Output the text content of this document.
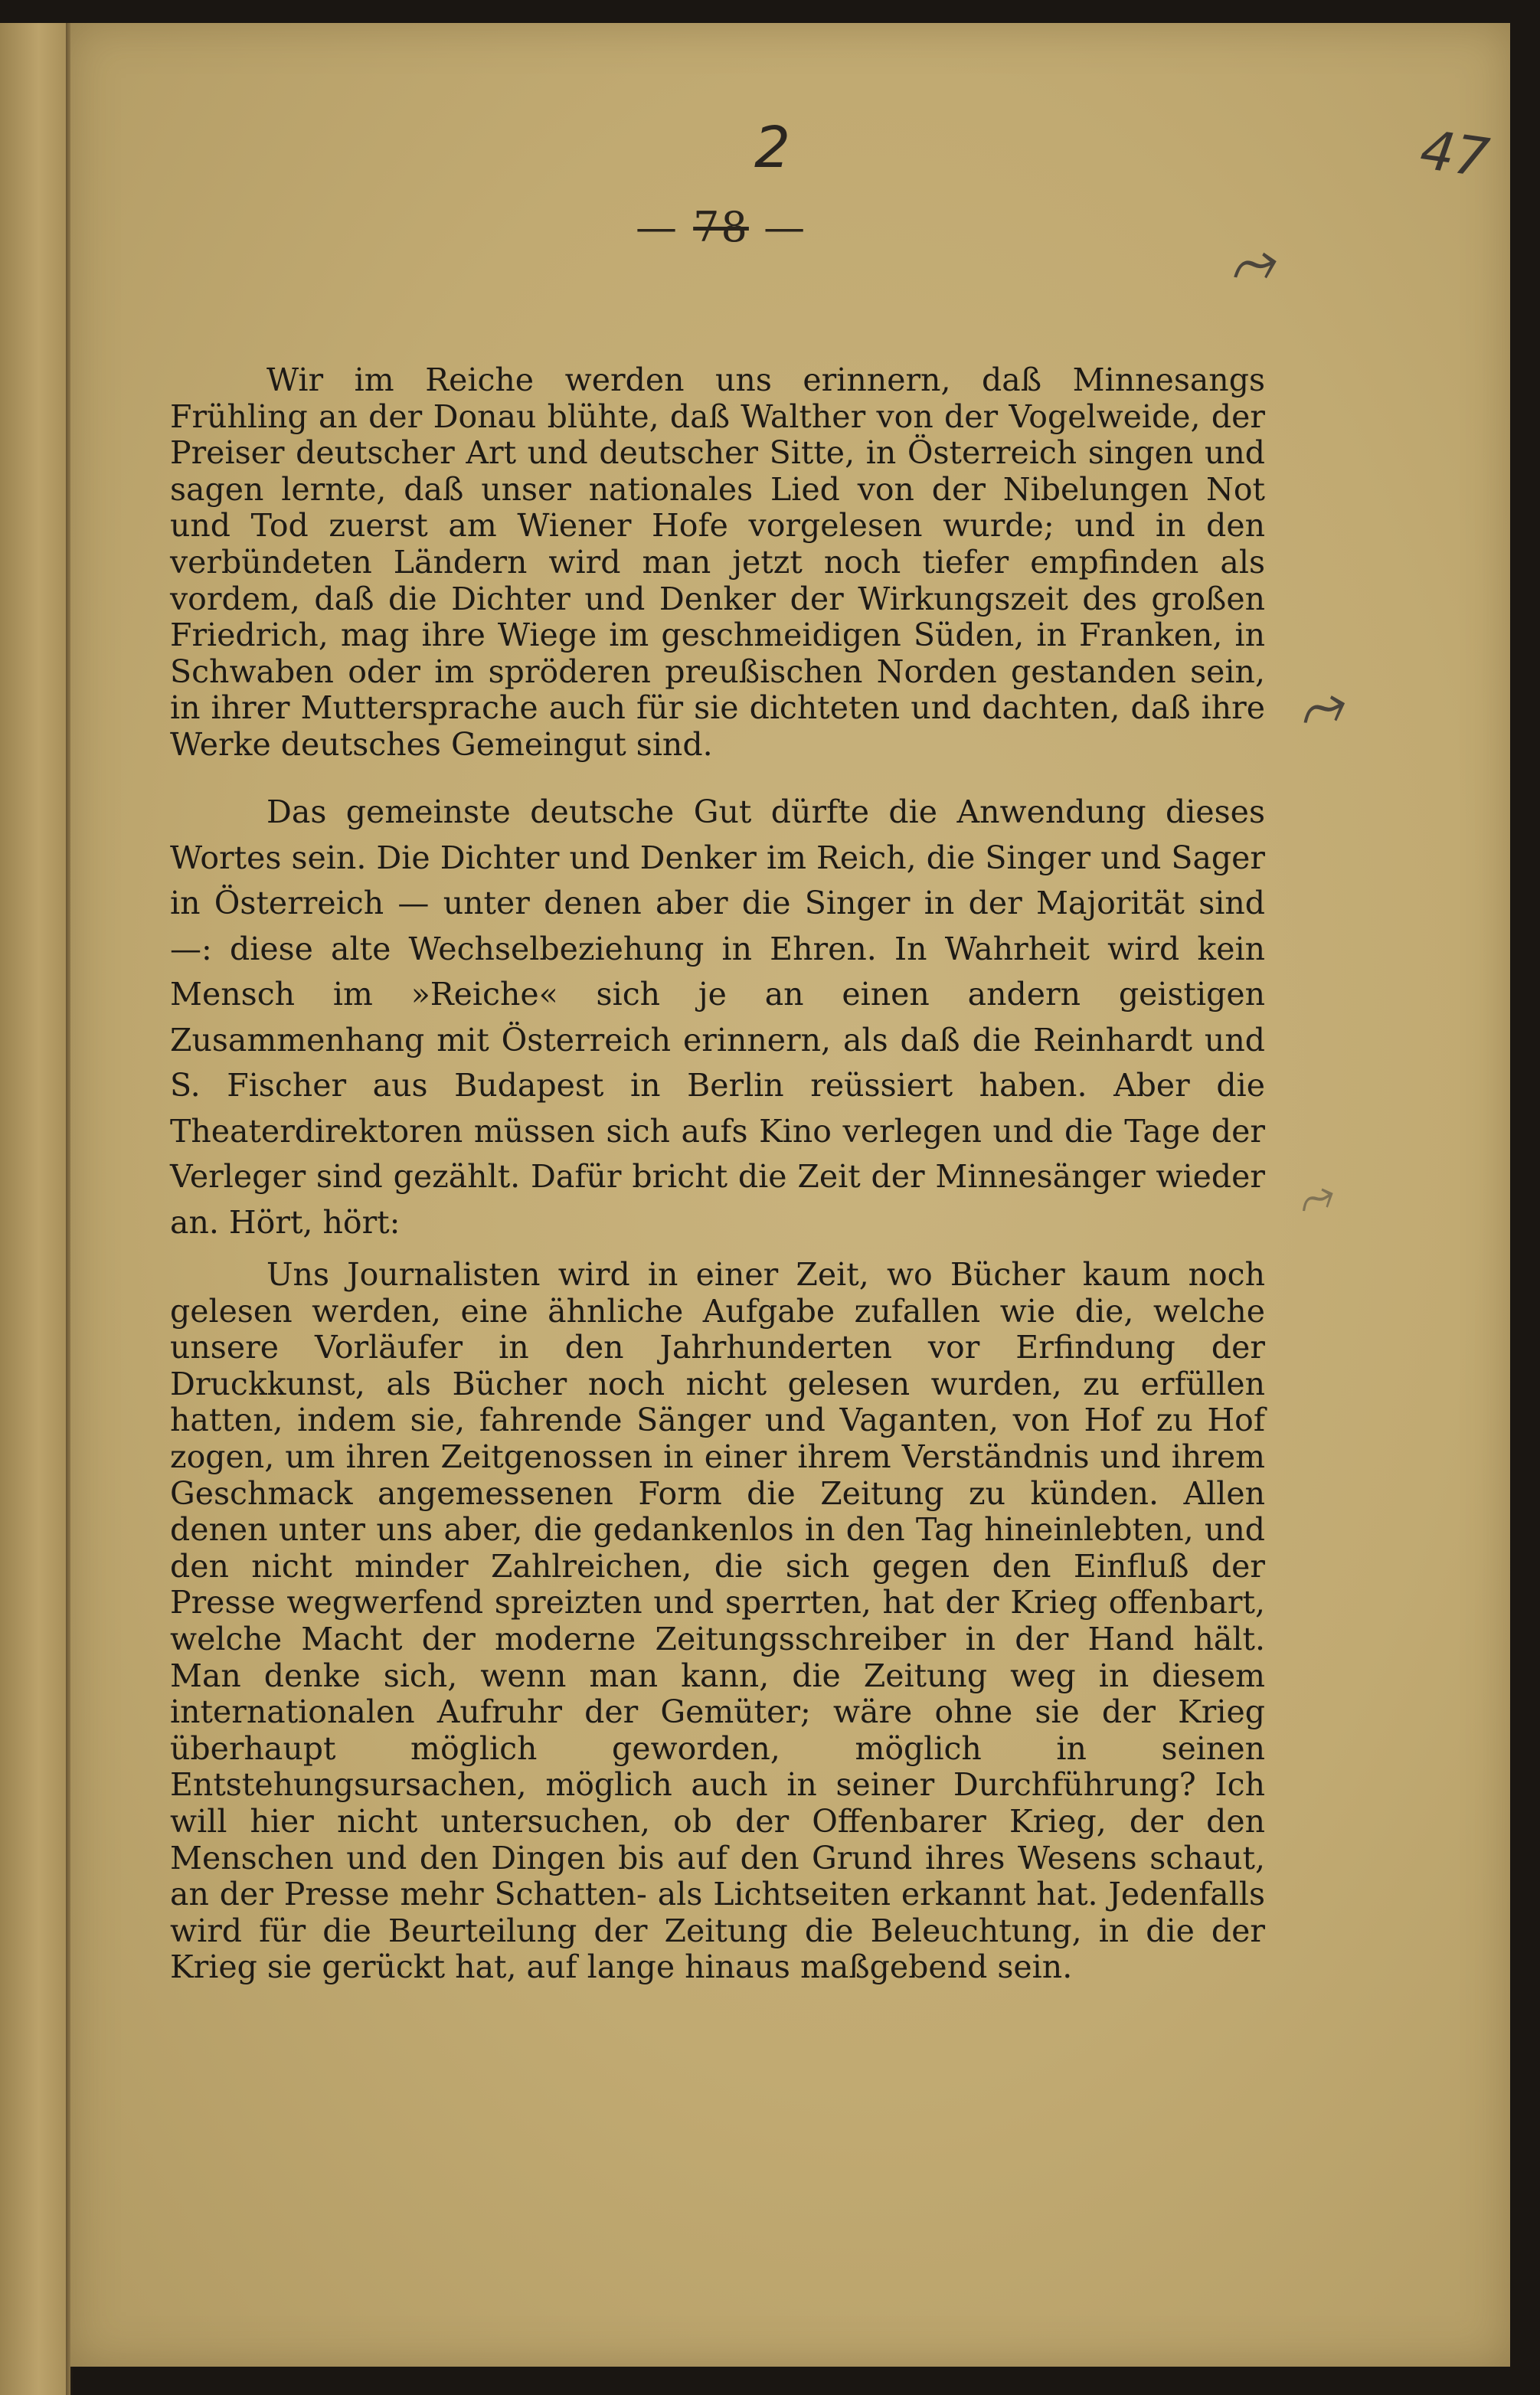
2
— 78 —
47
⤳
⤳
⤳

Wir im Reiche werden uns erinnern, daß Minnesangs Frühling an der Donau blühte, daß Walther von der Vogelweide, der Preiser deutscher Art und deutscher Sitte, in Österreich singen und sagen lernte, daß unser nationales Lied von der Nibelungen Not und Tod zuerst am Wiener Hofe vorgelesen wurde; und in den verbündeten Ländern wird man jetzt noch tiefer empfinden als vordem, daß die Dichter und Denker der Wirkungszeit des großen Friedrich, mag ihre Wiege im geschmeidigen Süden, in Franken, in Schwaben oder im spröderen preußischen Norden gestanden sein, in ihrer Muttersprache auch für sie dichteten und dachten, daß ihre Werke deutsches Gemeingut sind.

Das gemeinste deutsche Gut dürfte die Anwendung dieses Wortes sein. Die Dichter und Denker im Reich, die Singer und Sager in Österreich — unter denen aber die Singer in der Majorität sind —: diese alte Wechselbeziehung in Ehren. In Wahrheit wird kein Mensch im »Reiche« sich je an einen andern geistigen Zusammenhang mit Österreich erinnern, als daß die Reinhardt und S. Fischer aus Budapest in Berlin reüssiert haben. Aber die Theaterdirektoren müssen sich aufs Kino verlegen und die Tage der Verleger sind gezählt. Dafür bricht die Zeit der Minnesänger wieder an. Hört, hört:

Uns Journalisten wird in einer Zeit, wo Bücher kaum noch gelesen werden, eine ähnliche Aufgabe zufallen wie die, welche unsere Vorläufer in den Jahrhunderten vor Erfindung der Druckkunst, als Bücher noch nicht gelesen wurden, zu erfüllen hatten, indem sie, fahrende Sänger und Vaganten, von Hof zu Hof zogen, um ihren Zeitgenossen in einer ihrem Verständnis und ihrem Geschmack angemessenen Form die Zeitung zu künden. Allen denen unter uns aber, die gedankenlos in den Tag hineinlebten, und den nicht minder Zahlreichen, die sich gegen den Einfluß der Presse wegwerfend spreizten und sperrten, hat der Krieg offenbart, welche Macht der moderne Zeitungsschreiber in der Hand hält. Man denke sich, wenn man kann, die Zeitung weg in diesem internationalen Aufruhr der Gemüter; wäre ohne sie der Krieg überhaupt möglich geworden, möglich in seinen Entstehungsursachen, möglich auch in seiner Durchführung? Ich will hier nicht untersuchen, ob der Offenbarer Krieg, der den Menschen und den Dingen bis auf den Grund ihres Wesens schaut, an der Presse mehr Schatten- als Lichtseiten erkannt hat. Jedenfalls wird für die Beurteilung der Zeitung die Beleuchtung, in die der Krieg sie gerückt hat, auf lange hinaus maßgebend sein.
